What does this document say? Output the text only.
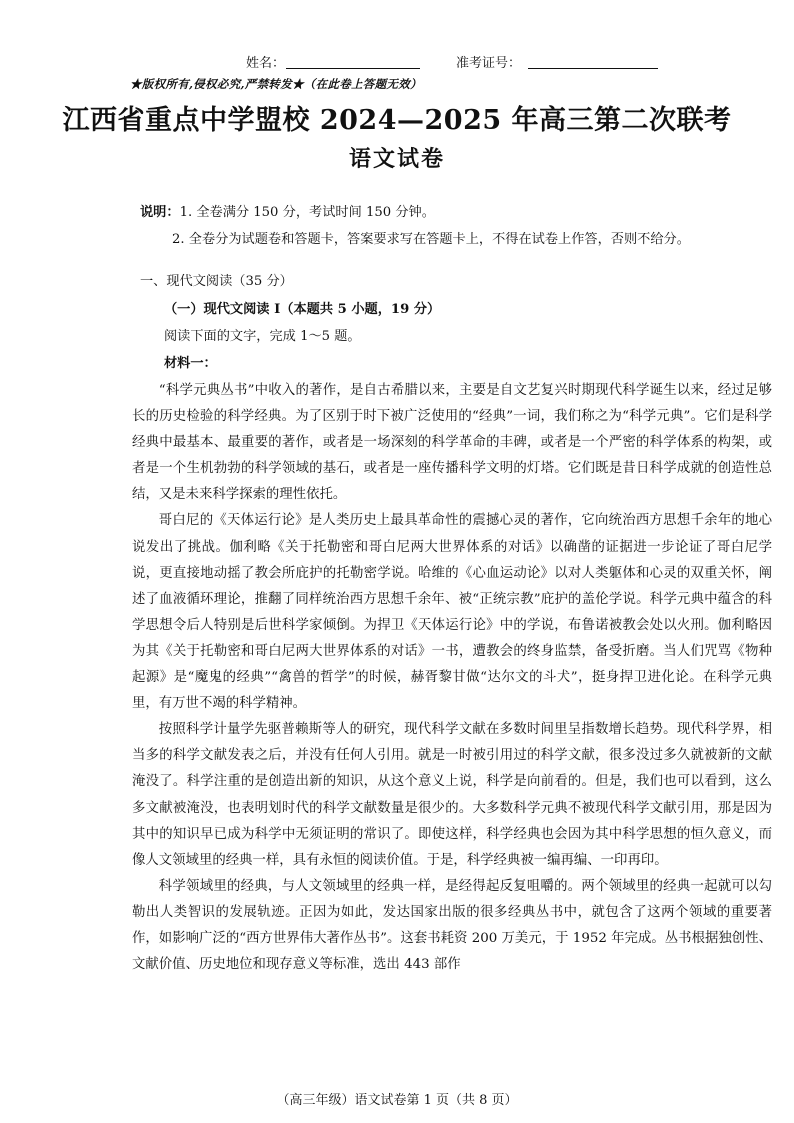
姓名：	准考证号：
★版权所有,侵权必究,严禁转发★（在此卷上答题无效）
江西省重点中学盟校 2024—2025 年高三第二次联考
语文试卷
说明：1. 全卷满分 150 分，考试时间 150 分钟。
2. 全卷分为试题卷和答题卡，答案要求写在答题卡上，不得在试卷上作答，否则不给分。
一、现代文阅读（35 分）
（一）现代文阅读 I（本题共 5 小题，19 分）
阅读下面的文字，完成 1～5 题。
材料一：

“科学元典丛书”中收入的著作，是自古希腊以来，主要是自文艺复兴时期现代科学诞生以来，经过足够长的历史检验的科学经典。为了区别于时下被广泛使用的“经典”一词，我们称之为“科学元典”。它们是科学经典中最基本、最重要的著作，或者是一场深刻的科学革命的丰碑，或者是一个严密的科学体系的构架，或者是一个生机勃勃的科学领域的基石，或者是一座传播科学文明的灯塔。它们既是昔日科学成就的创造性总结，又是未来科学探索的理性依托。

哥白尼的《天体运行论》是人类历史上最具革命性的震撼心灵的著作，它向统治西方思想千余年的地心说发出了挑战。伽利略《关于托勒密和哥白尼两大世界体系的对话》以确凿的证据进一步论证了哥白尼学说，更直接地动摇了教会所庇护的托勒密学说。哈维的《心血运动论》以对人类躯体和心灵的双重关怀，阐述了血液循环理论，推翻了同样统治西方思想千余年、被“正统宗教”庇护的盖伦学说。科学元典中蕴含的科学思想令后人特别是后世科学家倾倒。为捍卫《天体运行论》中的学说，布鲁诺被教会处以火刑。伽利略因为其《关于托勒密和哥白尼两大世界体系的对话》一书，遭教会的终身监禁，备受折磨。当人们咒骂《物种起源》是“魔鬼的经典”“禽兽的哲学”的时候，赫胥黎甘做“达尔文的斗犬”，挺身捍卫进化论。在科学元典里，有万世不竭的科学精神。

按照科学计量学先驱普赖斯等人的研究，现代科学文献在多数时间里呈指数增长趋势。现代科学界，相当多的科学文献发表之后，并没有任何人引用。就是一时被引用过的科学文献，很多没过多久就被新的文献淹没了。科学注重的是创造出新的知识，从这个意义上说，科学是向前看的。但是，我们也可以看到，这么多文献被淹没，也表明划时代的科学文献数量是很少的。大多数科学元典不被现代科学文献引用，那是因为其中的知识早已成为科学中无须证明的常识了。即使这样，科学经典也会因为其中科学思想的恒久意义，而像人文领域里的经典一样，具有永恒的阅读价值。于是，科学经典被一编再编、一印再印。

科学领域里的经典，与人文领域里的经典一样，是经得起反复咀嚼的。两个领域里的经典一起就可以勾勒出人类智识的发展轨迹。正因为如此，发达国家出版的很多经典丛书中，就包含了这两个领域的重要著作，如影响广泛的“西方世界伟大著作丛书”。这套书耗资 200 万美元，于 1952 年完成。丛书根据独创性、文献价值、历史地位和现存意义等标准，选出 443 部作

（高三年级）语文试卷第 1 页（共 8 页）
